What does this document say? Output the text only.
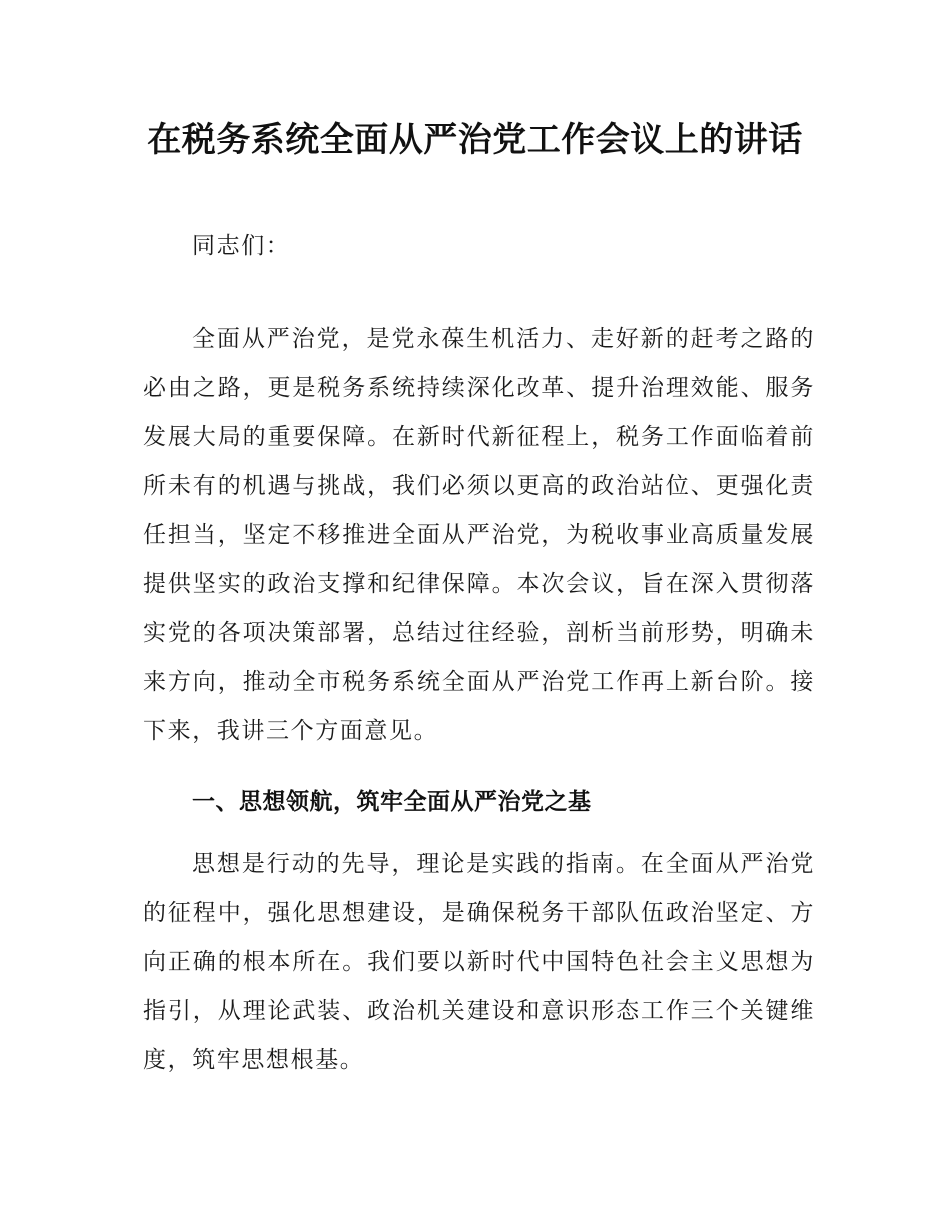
在税务系统全面从严治党工作会议上的讲话
同志们：

全面从严治党，是党永葆生机活力、走好新的赶考之路的必由之路，更是税务系统持续深化改革、提升治理效能、服务发展大局的重要保障。在新时代新征程上，税务工作面临着前所未有的机遇与挑战，我们必须以更高的政治站位、更强化责任担当，坚定不移推进全面从严治党，为税收事业高质量发展提供坚实的政治支撑和纪律保障。本次会议，旨在深入贯彻落实党的各项决策部署，总结过往经验，剖析当前形势，明确未来方向，推动全市税务系统全面从严治党工作再上新台阶。接下来，我讲三个方面意见。

一、思想领航，筑牢全面从严治党之基

思想是行动的先导，理论是实践的指南。在全面从严治党的征程中，强化思想建设，是确保税务干部队伍政治坚定、方向正确的根本所在。我们要以新时代中国特色社会主义思想为指引，从理论武装、政治机关建设和意识形态工作三个关键维度，筑牢思想根基。
